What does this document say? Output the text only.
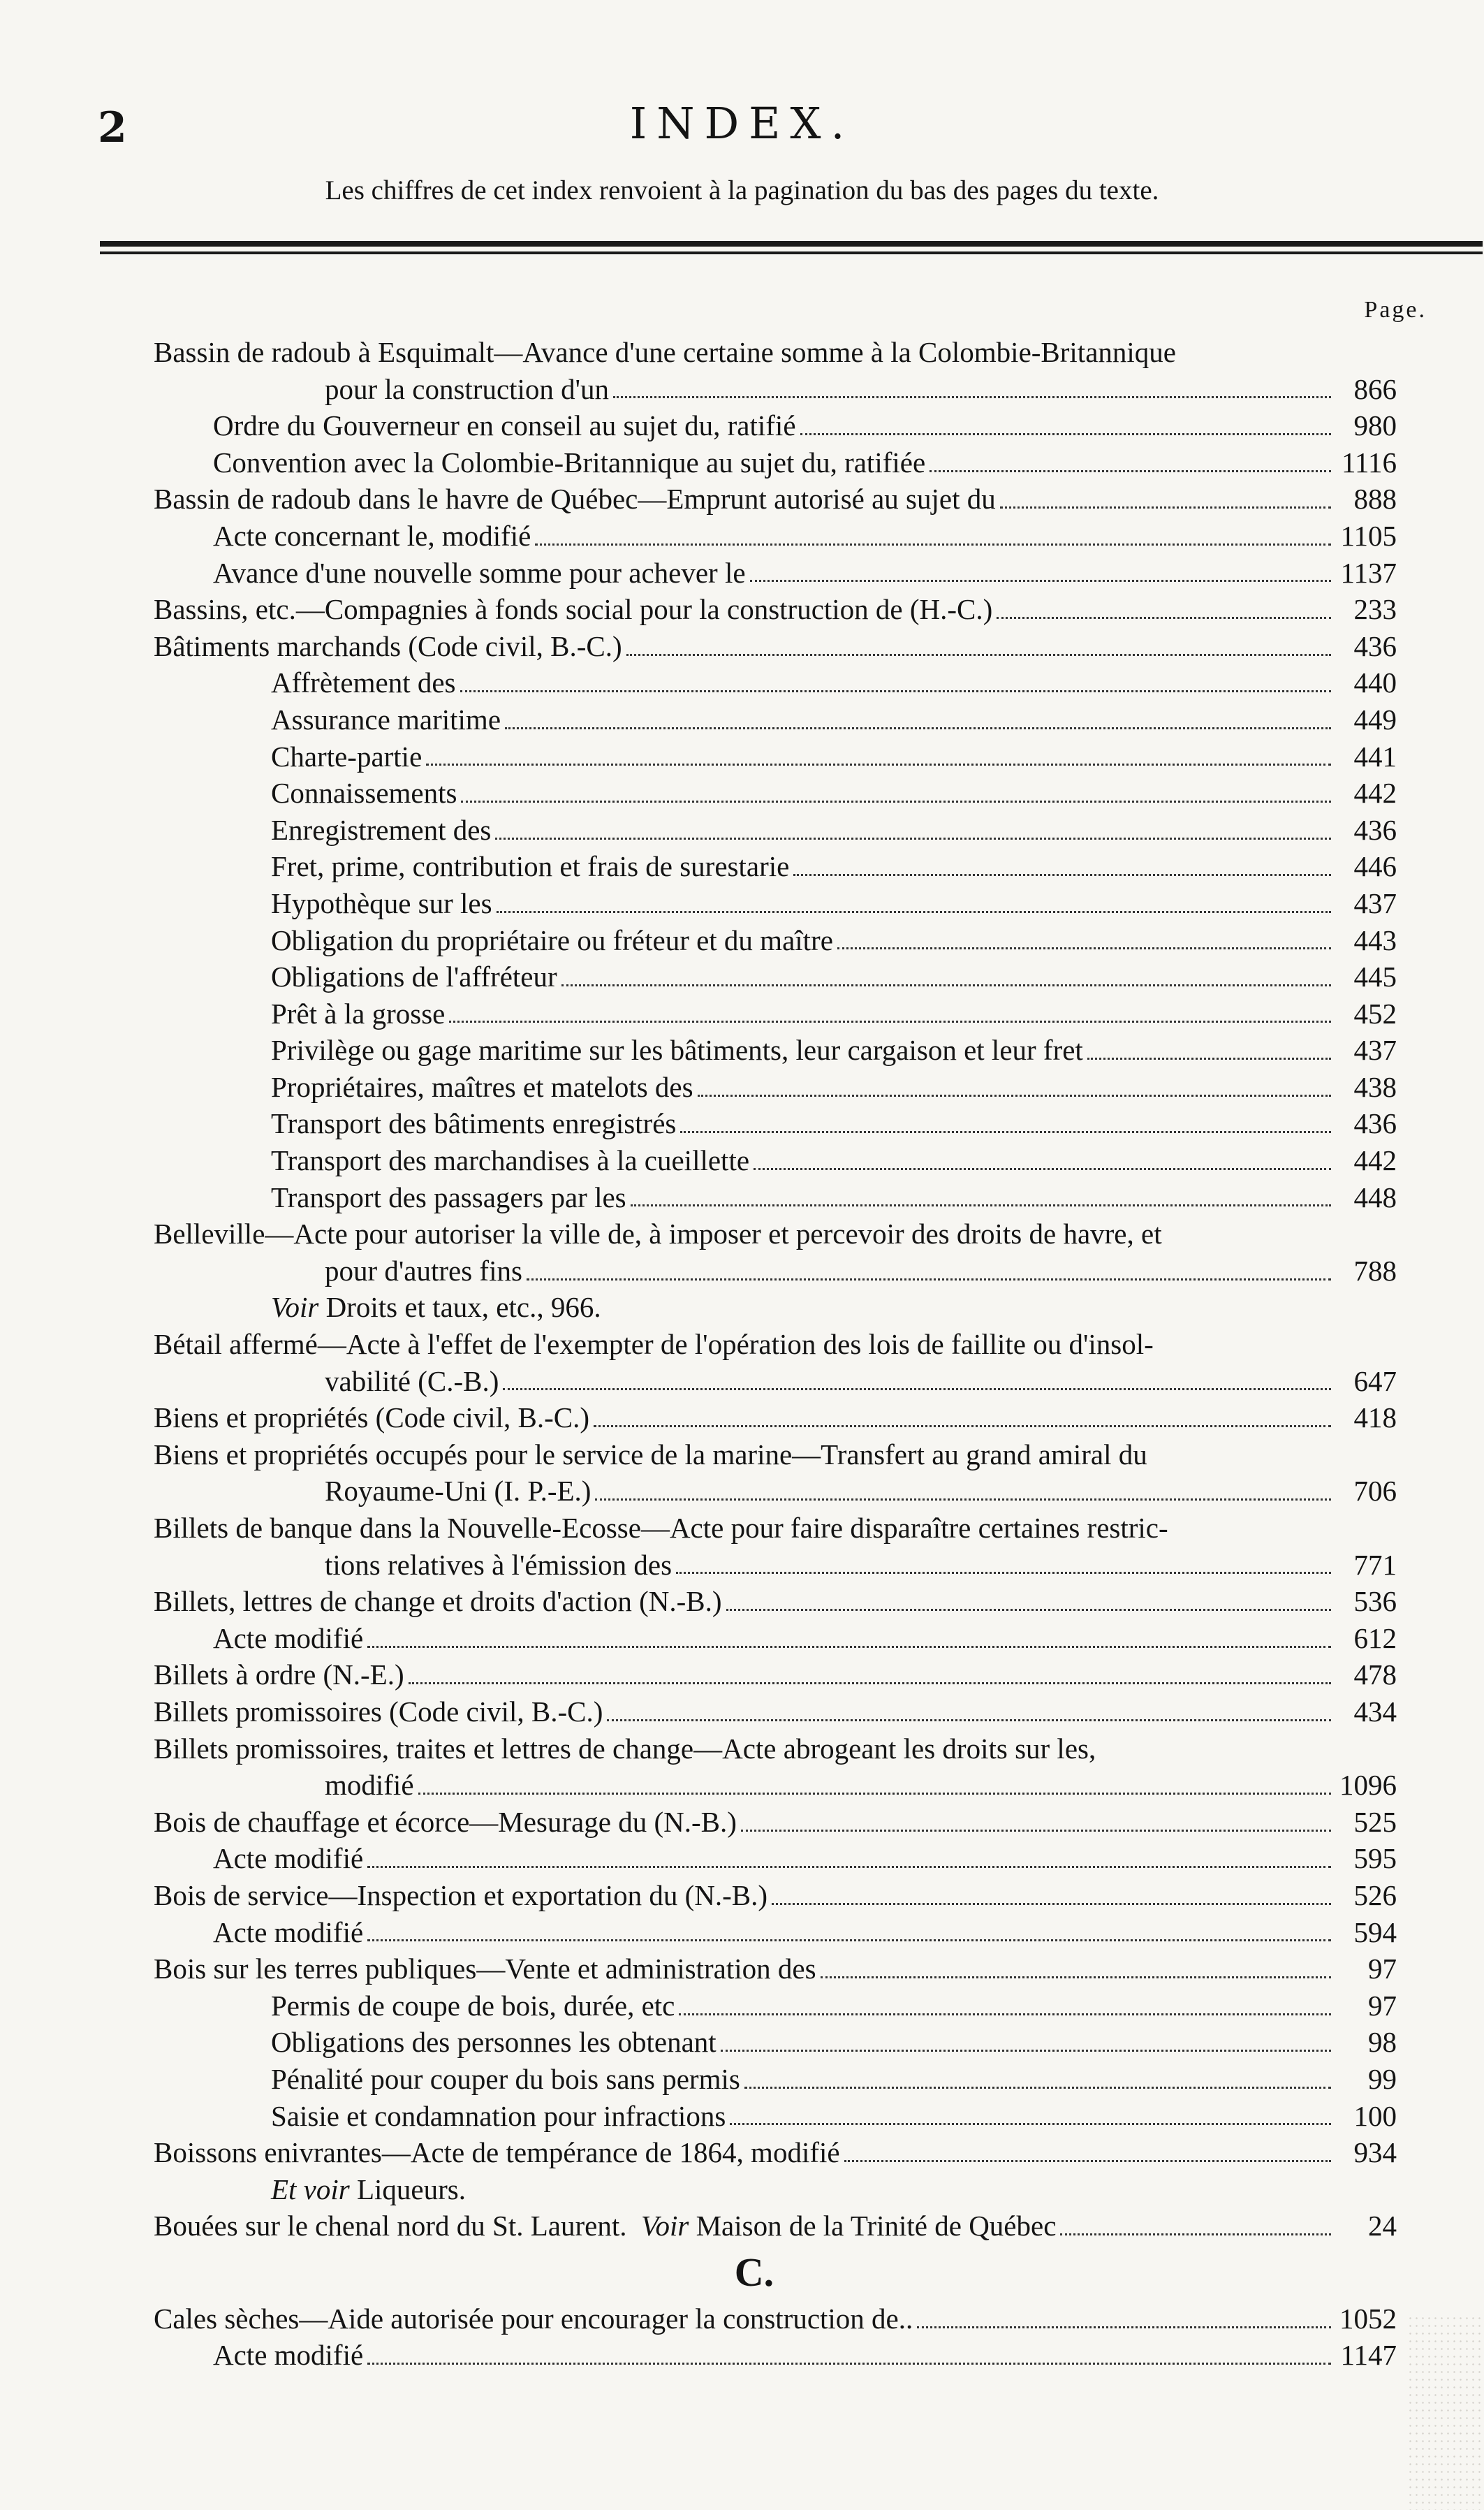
2	INDEX.
Les chiffres de cet index renvoient à la pagination du bas des pages du texte.
Page.
Bassin de radoub à Esquimalt—Avance d'une certaine somme à la Colombie-Britannique
pour la construction d'un	866
Ordre du Gouverneur en conseil au sujet du, ratifié	980
Convention avec la Colombie-Britannique au sujet du, ratifiée	1116
Bassin de radoub dans le havre de Québec—Emprunt autorisé au sujet du	888
Acte concernant le, modifié	1105
Avance d'une nouvelle somme pour achever le	1137
Bassins, etc.—Compagnies à fonds social pour la construction de (H.-C.)	233
Bâtiments marchands (Code civil, B.-C.)	436
Affrètement des	440
Assurance maritime	449
Charte-partie	441
Connaissements	442
Enregistrement des	436
Fret, prime, contribution et frais de surestarie	446
Hypothèque sur les	437
Obligation du propriétaire ou fréteur et du maître	443
Obligations de l'affréteur	445
Prêt à la grosse	452
Privilège ou gage maritime sur les bâtiments, leur cargaison et leur fret	437
Propriétaires, maîtres et matelots des	438
Transport des bâtiments enregistrés	436
Transport des marchandises à la cueillette	442
Transport des passagers par les	448
Belleville—Acte pour autoriser la ville de, à imposer et percevoir des droits de havre, et
pour d'autres fins	788
Voir
Droits et taux, etc., 966.
Bétail affermé—Acte à l'effet de l'exempter de l'opération des lois de faillite ou d'insol-
vabilité (C.-B.)	647
Biens et propriétés (Code civil, B.-C.)	418
Biens et propriétés occupés pour le service de la marine—Transfert au grand amiral du
Royaume-Uni (I. P.-E.)	706
Billets de banque dans la Nouvelle-Ecosse—Acte pour faire disparaître certaines restric-
tions relatives à l'émission des	771
Billets, lettres de change et droits d'action (N.-B.)	536
Acte modifié	612
Billets à ordre (N.-E.)	478
Billets promissoires (Code civil, B.-C.)	434
Billets promissoires, traites et lettres de change—Acte abrogeant les droits sur les,
modifié	1096
Bois de chauffage et écorce—Mesurage du (N.-B.)	525
Acte modifié	595
Bois de service—Inspection et exportation du (N.-B.)	526
Acte modifié	594
Bois sur les terres publiques—Vente et administration des	97
Permis de coupe de bois, durée, etc	97
Obligations des personnes les obtenant	98
Pénalité pour couper du bois sans permis	99
Saisie et condamnation pour infractions	100
Boissons enivrantes—Acte de tempérance de 1864, modifié	934
Et voir
Liqueurs.
Bouées sur le chenal nord du St. Laurent.
Voir Maison de la Trinité de Québec	24
C.
Cales sèches—Aide autorisée pour encourager la construction de..	1052
Acte modifié	1147
